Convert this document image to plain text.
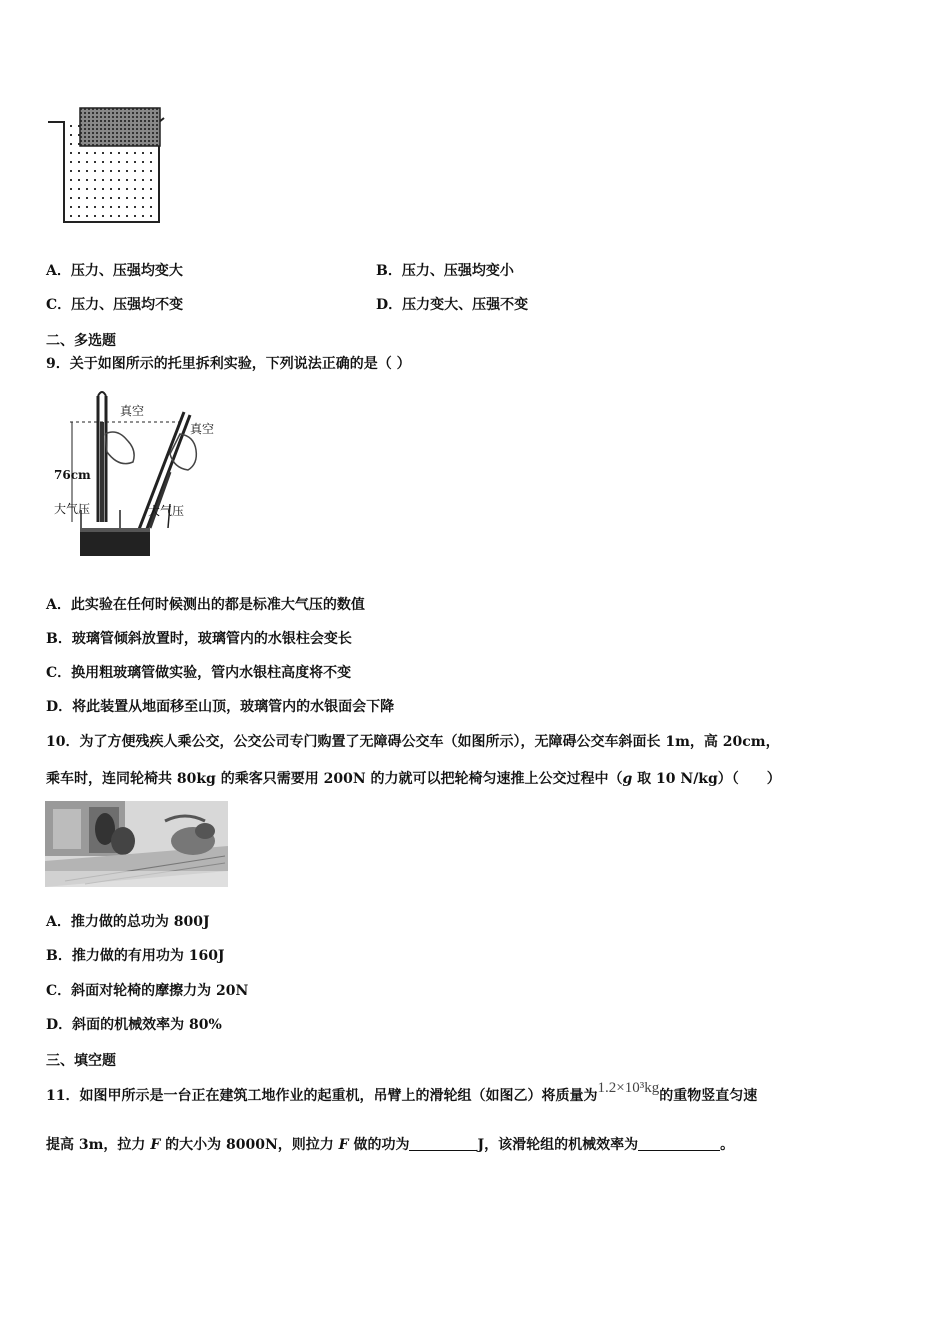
A．压力、压强均变大	B．压力、压强均变小
C．压力、压强均不变	D．压力变大、压强不变
二、多选题
9．关于如图所示的托里拆利实验，下列说法正确的是（ ）
真空
真空
76cm
大气压	大气压
A．此实验在任何时候测出的都是标准大气压的数值
B．玻璃管倾斜放置时，玻璃管内的水银柱会变长
C．换用粗玻璃管做实验，管内水银柱高度将不变
D．将此装置从地面移至山顶，玻璃管内的水银面会下降
10．为了方便残疾人乘公交，公交公司专门购置了无障碍公交车（如图所示），无障碍公交车斜面长 1m，高 20cm，
乘车时，连同轮椅共 80kg 的乘客只需要用 200N 的力就可以把轮椅匀速推上公交过程中（g 取 10 N/kg）（　　）
A．推力做的总功为 800J
B．推力做的有用功为 160J
C．斜面对轮椅的摩擦力为 20N
D．斜面的机械效率为 80%
三、填空题
11．如图甲所示是一台正在建筑工地作业的起重机，吊臂上的滑轮组（如图乙）将质量为1.2×10³kg的重物竖直匀速
提高 3m，拉力 F 的大小为 8000N，则拉力 F 做的功为	J，该滑轮组的机械效率为	。
